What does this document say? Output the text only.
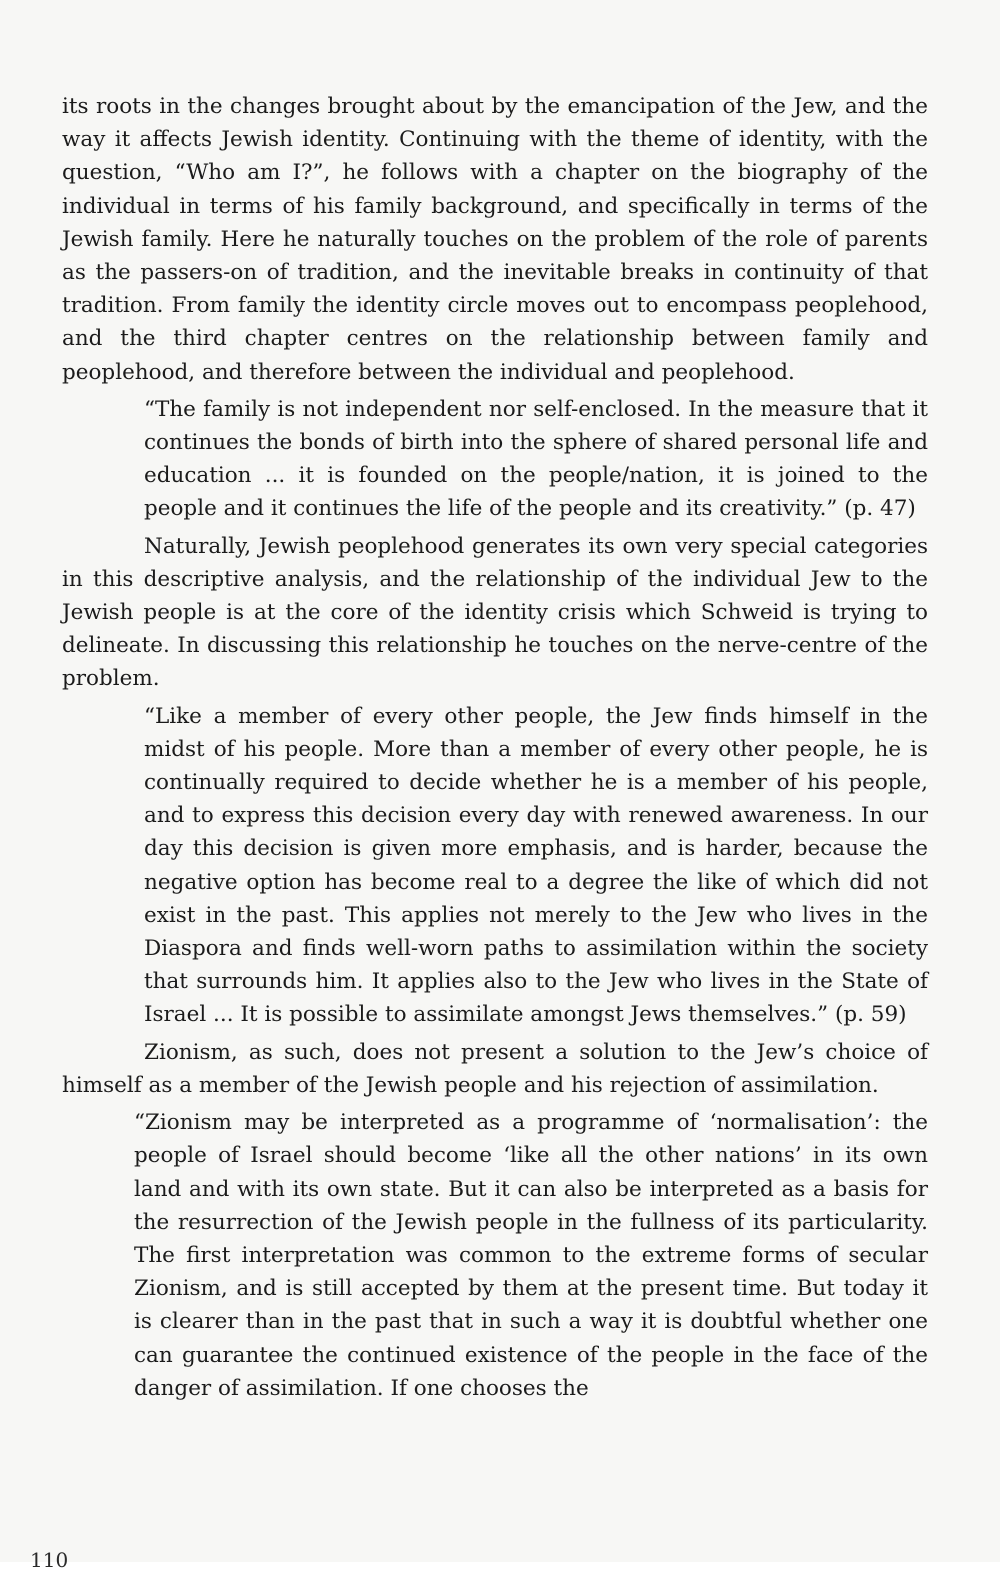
its roots in the changes brought about by the emancipation of the Jew, and the way it affects Jewish identity. Continuing with the theme of identity, with the question, “Who am I?”, he follows with a chapter on the biography of the individual in terms of his family background, and specifically in terms of the Jewish family. Here he naturally touches on the problem of the role of parents as the passers-on of tradition, and the inevitable breaks in continuity of that tradition. From family the identity circle moves out to encompass peoplehood, and the third chapter centres on the relationship between family and peoplehood, and therefore between the individual and peoplehood.

“The family is not independent nor self-enclosed. In the measure that it continues the bonds of birth into the sphere of shared personal life and education ... it is founded on the people/nation, it is joined to the people and it continues the life of the people and its creativity.” (p. 47)

Naturally, Jewish peoplehood generates its own very special categories in this descriptive analysis, and the relationship of the individual Jew to the Jewish people is at the core of the identity crisis which Schweid is trying to delineate. In discussing this relationship he touches on the nerve-centre of the problem.

“Like a member of every other people, the Jew finds himself in the midst of his people. More than a member of every other people, he is continually required to decide whether he is a member of his people, and to express this decision every day with renewed awareness. In our day this decision is given more emphasis, and is harder, because the negative option has become real to a degree the like of which did not exist in the past. This applies not merely to the Jew who lives in the Diaspora and finds well-worn paths to assimilation within the society that surrounds him. It applies also to the Jew who lives in the State of Israel ... It is possible to assimilate amongst Jews themselves.” (p. 59)

Zionism, as such, does not present a solution to the Jew’s choice of himself as a member of the Jewish people and his rejection of assimilation.

“Zionism may be interpreted as a programme of ‘normalisation’: the people of Israel should become ‘like all the other nations’ in its own land and with its own state. But it can also be interpreted as a basis for the resurrection of the Jewish people in the fullness of its particularity. The first interpretation was common to the extreme forms of secular Zionism, and is still accepted by them at the present time. But today it is clearer than in the past that in such a way it is doubtful whether one can guarantee the continued existence of the people in the face of the danger of assimilation. If one chooses the

110
